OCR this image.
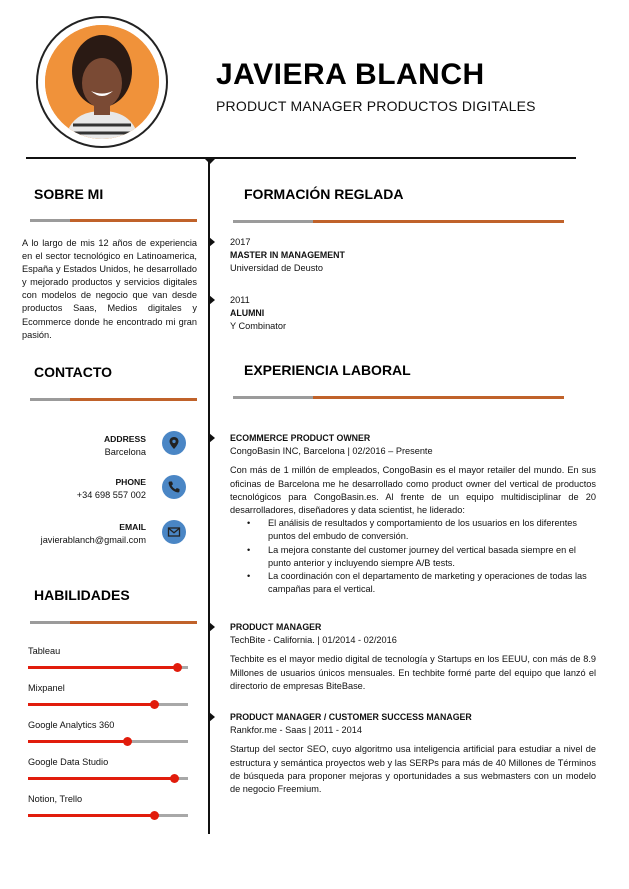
JAVIERA BLANCH
PRODUCT MANAGER PRODUCTOS DIGITALES
SOBRE MI
A lo largo de mis 12 años de experiencia en el sector tecnológico en Latinoamerica, España y Estados Unidos, he desarrollado y mejorado productos y servicios digitales con modelos de negocio que van desde productos Saas, Medios digitales y Ecommerce donde he encontrado mi gran pasión.
CONTACTO
ADDRESS
Barcelona
PHONE
+34 698 557 002
EMAIL
javierablanch@gmail.com
HABILIDADES
Tableau
Mixpanel
Google Analytics 360
Google Data Studio
Notion, Trello
FORMACIÓN REGLADA
2017
MASTER IN MANAGEMENT
Universidad de Deusto
2011
ALUMNI
Y Combinator
EXPERIENCIA LABORAL
ECOMMERCE PRODUCT OWNER
CongoBasin INC, Barcelona | 02/2016 – Presente

Con más de 1 millón de empleados, CongoBasin es el mayor retailer del mundo. En sus oficinas de Barcelona me he desarrollado como product owner del vertical de productos tecnológicos para CongoBasin.es. Al frente de un equipo multidisciplinar de 20 desarrolladores, diseñadores y data scientist, he liderado:

• El análisis de resultados y comportamiento de los usuarios en los diferentes puntos del embudo de conversión.
• La mejora constante del customer journey del vertical basada siempre en el punto anterior y incluyendo siempre A/B tests.
• La coordinación con el departamento de marketing y operaciones de todas las campañas para el vertical.
PRODUCT MANAGER
TechBite - California. | 01/2014 - 02/2016

Techbite es el mayor medio digital de tecnología y Startups en los EEUU, con más de 8.9 Millones de usuarios únicos mensuales. En techbite formé parte del equipo que lanzó el directorio de empresas BiteBase.

PRODUCT MANAGER / CUSTOMER SUCCESS MANAGER
Rankfor.me - Saas | 2011 - 2014

Startup del sector SEO, cuyo algoritmo usa inteligencia artificial para estudiar a nivel de estructura y semántica proyectos web y las SERPs para más de 40 Millones de Términos de búsqueda para proponer mejoras y oportunidades a sus webmasters con un modelo de negocio Freemium.
